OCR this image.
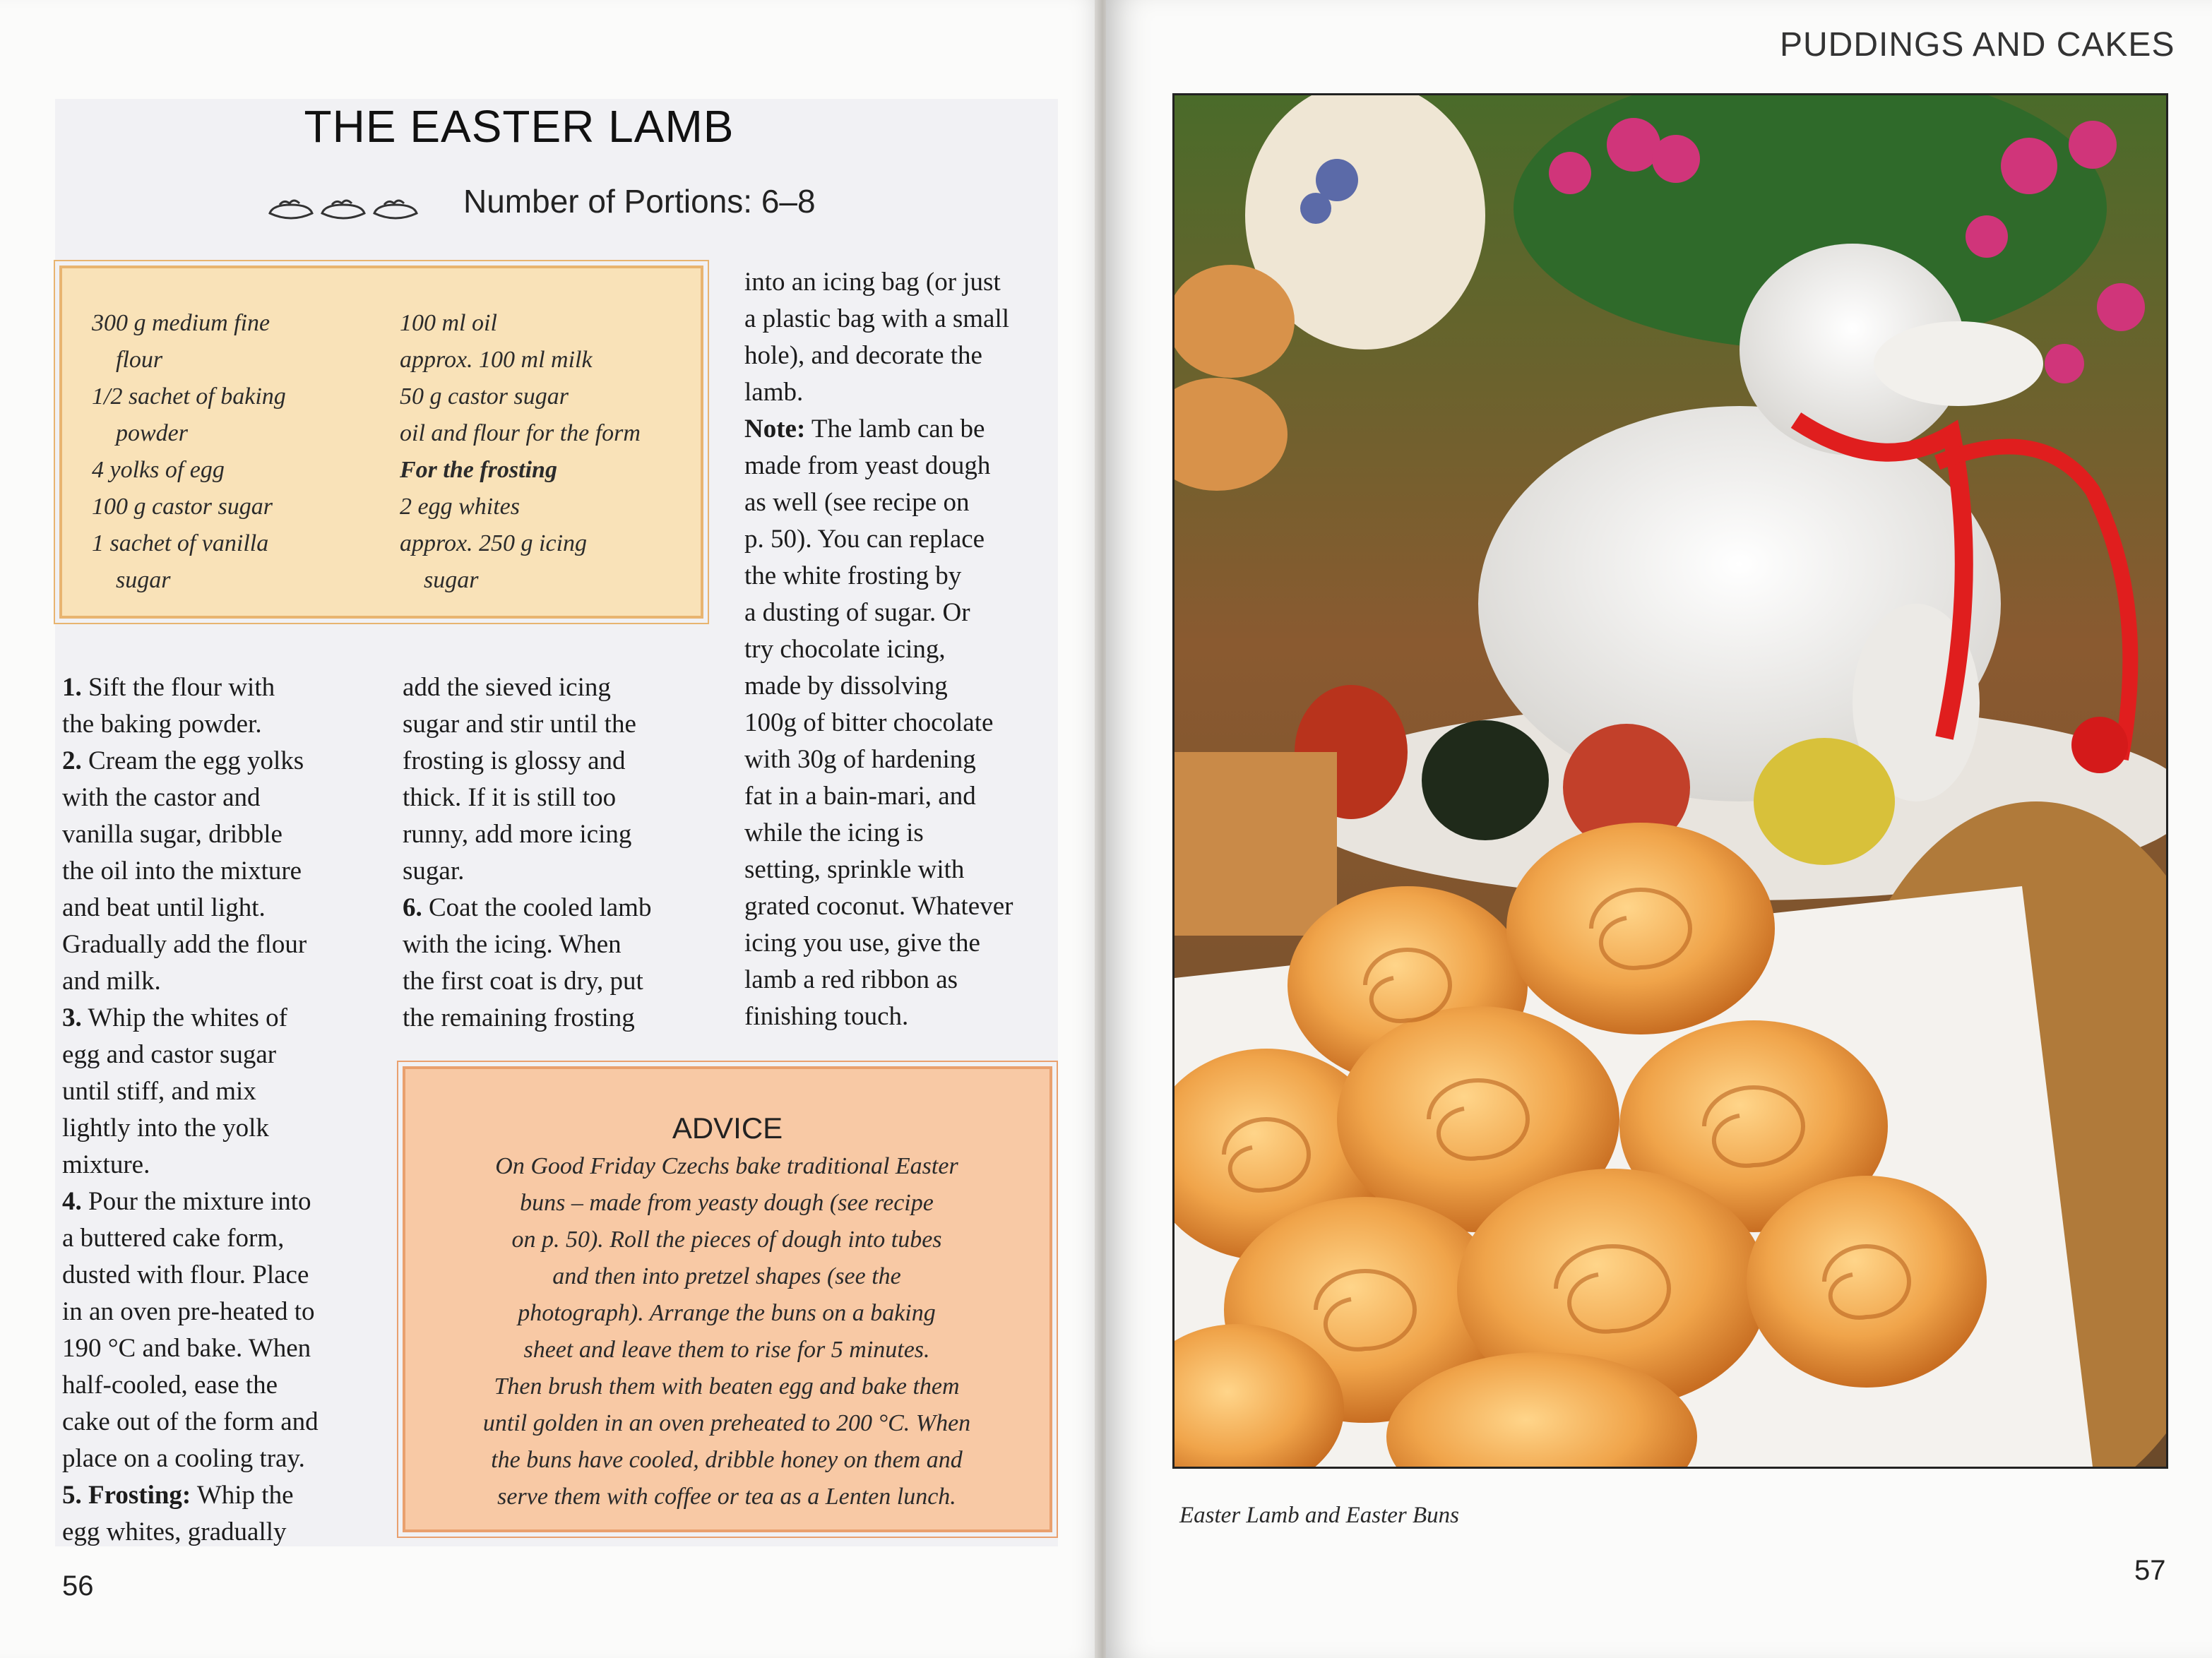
THE EASTER LAMB
Number of Portions: 6–8
300 g medium fine
flour
1/2 sachet of baking
powder
4 yolks of egg
100 g castor sugar
1 sachet of vanilla
sugar
100 ml oil
approx. 100 ml milk
50 g castor sugar
oil and flour for the form
For the frosting
2 egg whites
approx. 250 g icing
sugar
1. Sift the flour with
the baking powder.
2. Cream the egg yolks
with the castor and
vanilla sugar, dribble
the oil into the mixture
and beat until light.
Gradually add the flour
and milk.
3. Whip the whites of
egg and castor sugar
until stiff, and mix
lightly into the yolk
mixture.
4. Pour the mixture into
a buttered cake form,
dusted with flour. Place
in an oven pre-heated to
190 °C and bake. When
half-cooled, ease the
cake out of the form and
place on a cooling tray.
5. Frosting: Whip the
egg whites, gradually
add the sieved icing
sugar and stir until the
frosting is glossy and
thick. If it is still too
runny, add more icing
sugar.
6. Coat the cooled lamb
with the icing. When
the first coat is dry, put
the remaining frosting
into an icing bag (or just
a plastic bag with a small
hole), and decorate the
lamb.
Note: The lamb can be
made from yeast dough
as well (see recipe on
p. 50). You can replace
the white frosting by
a dusting of sugar. Or
try chocolate icing,
made by dissolving
100g of bitter chocolate
with 30g of hardening
fat in a bain-mari, and
while the icing is
setting, sprinkle with
grated coconut. Whatever
icing you use, give the
lamb a red ribbon as
finishing touch.
ADVICE
On Good Friday Czechs bake traditional Easter
buns – made from yeasty dough (see recipe
on p. 50). Roll the pieces of dough into tubes
and then into pretzel shapes (see the
photograph). Arrange the buns on a baking
sheet and leave them to rise for 5 minutes.
Then brush them with beaten egg and bake them
until golden in an oven preheated to 200 °C. When
the buns have cooled, dribble honey on them and
serve them with coffee or tea as a Lenten lunch.
56
PUDDINGS AND CAKES
Easter Lamb and Easter Buns
57
